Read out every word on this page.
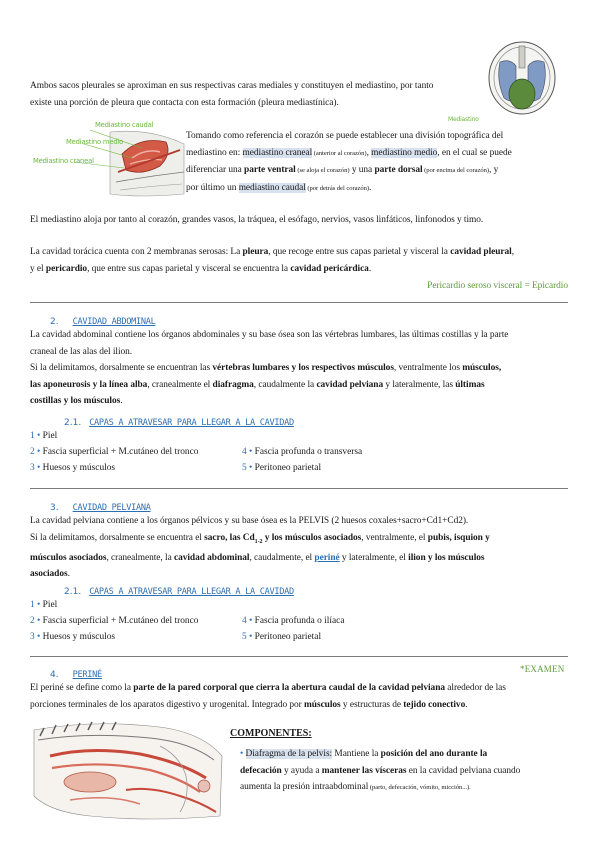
Mediastino
Ambos sacos pleurales se aproximan en sus respectivas caras mediales y constituyen el mediastino, por tanto
existe una porción de pleura que contacta con esta formación (pleura mediastínica).
Mediastino caudal
Mediastino medio
Mediastino craneal
Tomando como referencia el corazón se puede establecer una división topográfica del
mediastino en: mediastino craneal (anterior al corazón), mediastino medio, en el cual se puede
diferenciar una parte ventral (se aloja el corazón) y una parte dorsal (por encima del corazón), y
por último un mediastino caudal (por detrás del corazón).
El mediastino aloja por tanto al corazón, grandes vasos, la tráquea, el esófago, nervios, vasos linfáticos, linfonodos y timo.
La cavidad torácica cuenta con 2 membranas serosas: La pleura, que recoge entre sus capas parietal y visceral la cavidad pleural,
y el pericardio, que entre sus capas parietal y visceral se encuentra la cavidad pericárdica.
Pericardio seroso visceral = Epicardio
2. CAVIDAD ABDOMINAL
La cavidad abdominal contiene los órganos abdominales y su base ósea son las vértebras lumbares, las últimas costillas y la parte
craneal de las alas del ilion.
Si la delimitamos, dorsalmente se encuentran las vértebras lumbares y los respectivos músculos, ventralmente los músculos,
las aponeurosis y la línea alba, cranealmente el diafragma, caudalmente la cavidad pelviana y lateralmente, las últimas
costillas y los músculos.
2.1. CAPAS A ATRAVESAR PARA LLEGAR A LA CAVIDAD
1 • Piel
2 • Fascia superficial + M.cutáneo del tronco
3 • Huesos y músculos
4 • Fascia profunda o transversa
5 • Peritoneo parietal
3. CAVIDAD PELVIANA
La cavidad pelviana contiene a los órganos pélvicos y su base ósea es la PELVIS (2 huesos coxales+sacro+Cd1+Cd2).
Si la delimitamos, dorsalmente se encuentra el sacro, las $Cd_{1-2}$ y los músculos asociados, ventralmente, el pubis, isquion y
músculos asociados, cranealmente, la cavidad abdominal, caudalmente, el periné y lateralmente, el ilion y los músculos
asociados.
2.1. CAPAS A ATRAVESAR PARA LLEGAR A LA CAVIDAD
1 • Piel
2 • Fascia superficial + M.cutáneo del tronco
3 • Huesos y músculos
4 • Fascia profunda o ilíaca
5 • Peritoneo parietal
4. PERINÉ
*EXAMEN
El periné se define como la parte de la pared corporal que cierra la abertura caudal de la cavidad pelviana alrededor de las
porciones terminales de los aparatos digestivo y urogenital. Integrado por músculos y estructuras de tejido conectivo.
COMPONENTES:
• Diafragma de la pelvis: Mantiene la posición del ano durante la
defecación y ayuda a mantener las vísceras en la cavidad pelviana cuando
aumenta la presión intraabdominal (parto, defecación, vómito, micción...).
